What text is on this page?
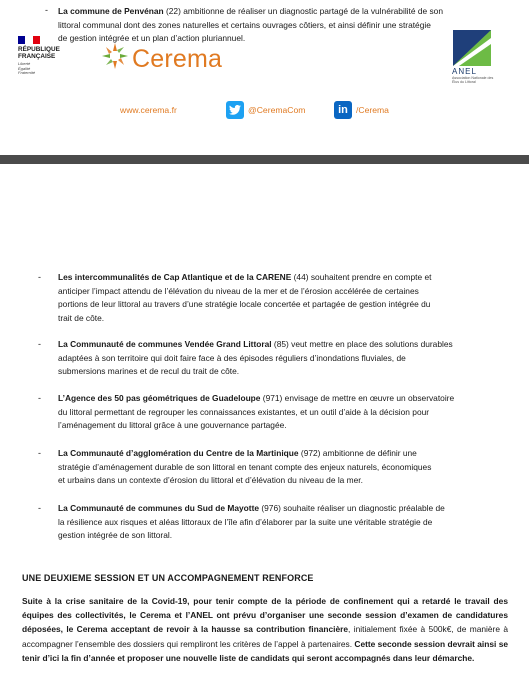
- La commune de Penvénan (22) ambitionne de réaliser un diagnostic partagé de la vulnérabilité de son
littoral communal dont des zones naturelles et certains ouvrages côtiers, et ainsi définir une stratégie
de gestion intégrée et un plan d’action pluriannuel.
www.cerema.fr	@CeremaCom	in /Cerema
RÉPUBLIQUE
FRANÇAISE
Liberté
Égalité
Fraternité	Cerema	ANEL
Association Nationale des Élus du Littoral
- Les intercommunalités de Cap Atlantique et de la CARENE (44) souhaitent prendre en compte et
anticiper l’impact attendu de l’élévation du niveau de la mer et de l’érosion accélérée de certaines
portions de leur littoral au travers d’une stratégie locale concertée et partagée de gestion intégrée du
trait de côte.
- La Communauté de communes Vendée Grand Littoral (85) veut mettre en place des solutions durables
adaptées à son territoire qui doit faire face à des épisodes réguliers d’inondations fluviales, de
submersions marines et de recul du trait de côte.
- L’Agence des 50 pas géométriques de Guadeloupe (971) envisage de mettre en œuvre un observatoire
du littoral permettant de regrouper les connaissances existantes, et un outil d’aide à la décision pour
l’aménagement du littoral grâce à une gouvernance partagée.
- La Communauté d’agglomération du Centre de la Martinique (972) ambitionne de définir une
stratégie d’aménagement durable de son littoral en tenant compte des enjeux naturels, économiques
et urbains dans un contexte d’érosion du littoral et d’élévation du niveau de la mer.
- La Communauté de communes du Sud de Mayotte (976) souhaite réaliser un diagnostic préalable de
la résilience aux risques et aléas littoraux de l’île afin d’élaborer par la suite une véritable stratégie de
gestion intégrée de son littoral.
UNE DEUXIEME SESSION ET UN ACCOMPAGNEMENT RENFORCE
Suite à la crise sanitaire de la Covid-19, pour tenir compte de la période de confinement qui a retardé le travail des équipes des collectivités, le Cerema et l’ANEL ont prévu d’organiser une seconde session d’examen de candidatures déposées, le Cerema acceptant de revoir à la hausse sa contribution financière, initialement fixée à 500k€, de manière à accompagner l’ensemble des dossiers qui rempliront les critères de l’appel à partenaires. Cette seconde session devrait ainsi se tenir d’ici la fin d’année et proposer une nouvelle liste de candidats qui seront accompagnés dans leur démarche.
